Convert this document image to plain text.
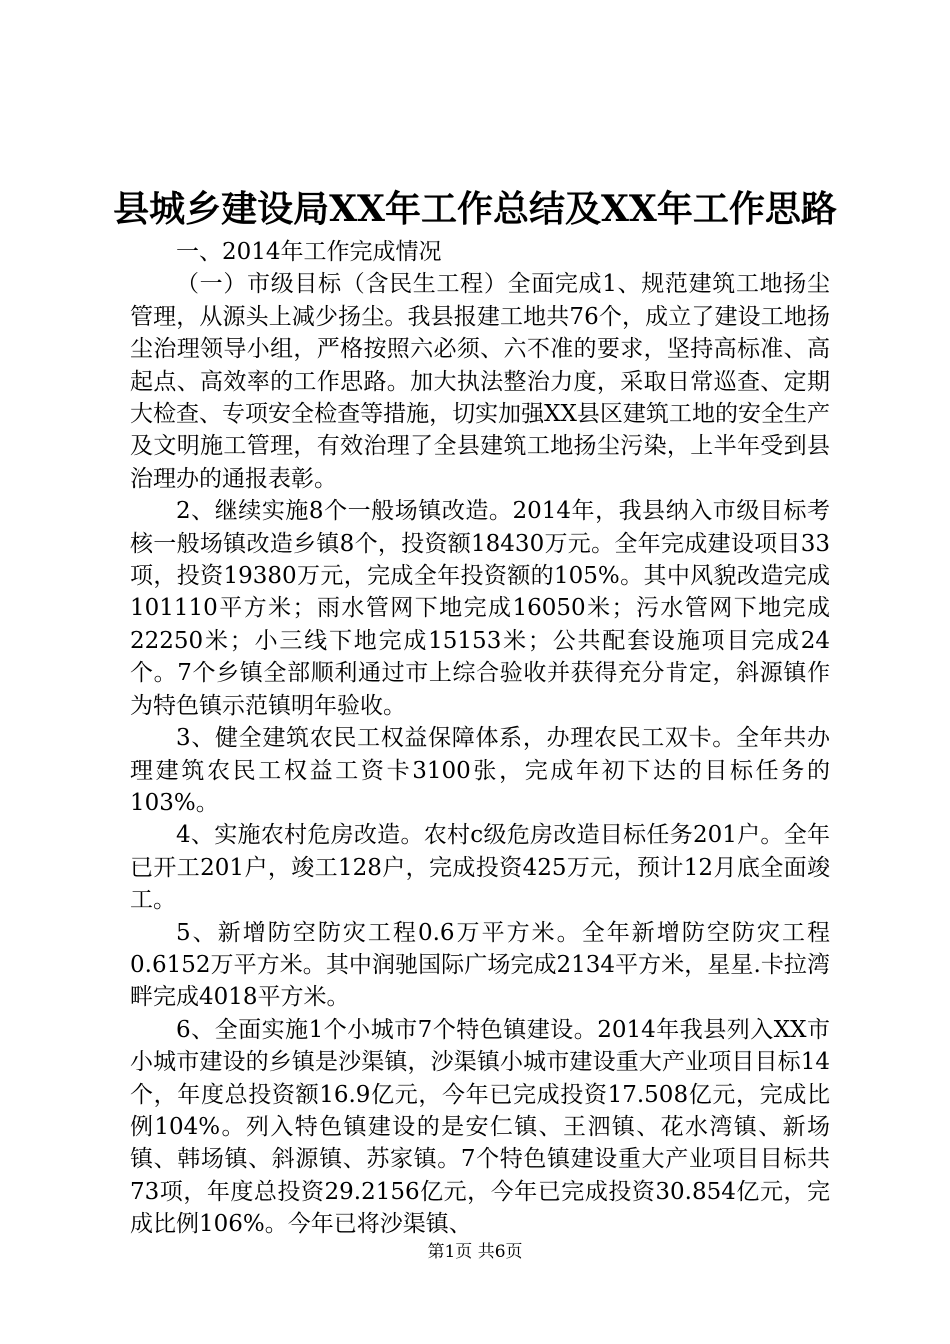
县城乡建设局XX年工作总结及XX年工作思路

一、2014年工作完成情况

（一）市级目标（含民生工程）全面完成1、规范建筑工地扬尘管理，从源头上减少扬尘。我县报建工地共76个，成立了建设工地扬尘治理领导小组，严格按照六必须、六不准的要求，坚持高标准、高起点、高效率的工作思路。加大执法整治力度，采取日常巡查、定期大检查、专项安全检查等措施，切实加强XX县区建筑工地的安全生产及文明施工管理，有效治理了全县建筑工地扬尘污染，上半年受到县治理办的通报表彰。

2、继续实施8个一般场镇改造。2014年，我县纳入市级目标考核一般场镇改造乡镇8个，投资额18430万元。全年完成建设项目33项，投资19380万元，完成全年投资额的105%。其中风貌改造完成101110平方米；雨水管网下地完成16050米；污水管网下地完成22250米；小三线下地完成15153米；公共配套设施项目完成24个。7个乡镇全部顺利通过市上综合验收并获得充分肯定，斜源镇作为特色镇示范镇明年验收。

3、健全建筑农民工权益保障体系，办理农民工双卡。全年共办理建筑农民工权益工资卡3100张，完成年初下达的目标任务的103%。

4、实施农村危房改造。农村c级危房改造目标任务201户。全年已开工201户，竣工128户，完成投资425万元，预计12月底全面竣工。

5、新增防空防灾工程0.6万平方米。全年新增防空防灾工程0.6152万平方米。其中润驰国际广场完成2134平方米，星星.卡拉湾畔完成4018平方米。

6、全面实施1个小城市7个特色镇建设。2014年我县列入XX市小城市建设的乡镇是沙渠镇，沙渠镇小城市建设重大产业项目目标14个，年度总投资额16.9亿元，今年已完成投资17.508亿元，完成比例104%。列入特色镇建设的是安仁镇、王泗镇、花水湾镇、新场镇、韩场镇、斜源镇、苏家镇。7个特色镇建设重大产业项目目标共73项，年度总投资29.2156亿元，今年已完成投资30.854亿元，完成比例106%。今年已将沙渠镇、

第1页 共6页
